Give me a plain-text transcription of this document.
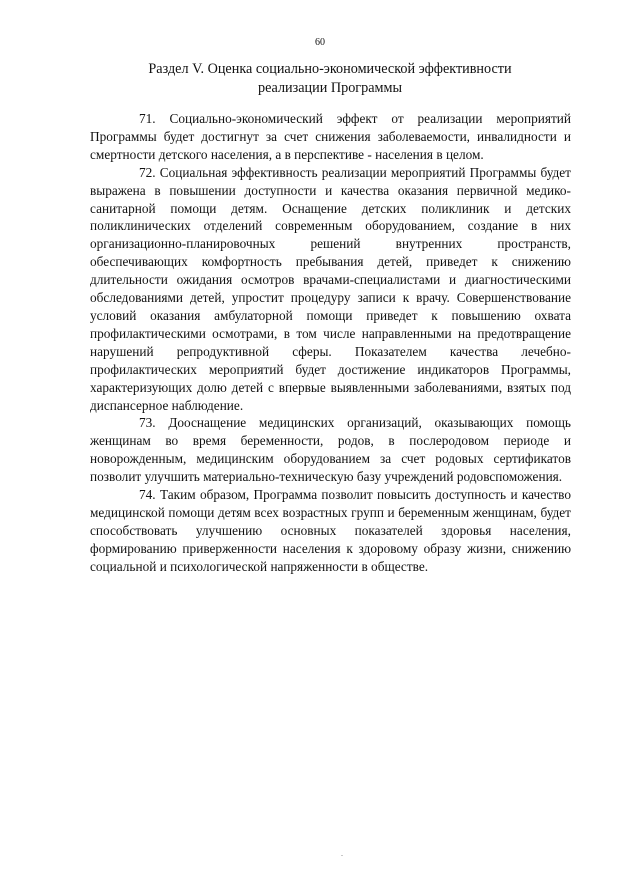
60
Раздел V. Оценка социально-экономической эффективности
реализации Программы

71. Социально-экономический эффект от реализации мероприятий Программы будет достигнут за счет снижения заболеваемости, инвалидности и смертности детского населения, а в перспективе - населения в целом.

72. Социальная эффективность реализации мероприятий Программы будет выражена в повышении доступности и качества оказания первичной медико-санитарной помощи детям. Оснащение детских поликлиник и детских поликлинических отделений современным оборудованием, создание в них организационно-планировочных решений внутренних пространств, обеспечивающих комфортность пребывания детей, приведет к снижению длительности ожидания осмотров врачами-специалистами и диагностическими обследованиями детей, упростит процедуру записи к врачу. Совершенствование условий оказания амбулаторной помощи приведет к повышению охвата профилактическими осмотрами, в том числе направленными на предотвращение нарушений репродуктивной сферы. Показателем качества лечебно-профилактических мероприятий будет достижение индикаторов Программы, характеризующих долю детей с впервые выявленными заболеваниями, взятых под диспансерное наблюдение.

73. Дооснащение медицинских организаций, оказывающих помощь женщинам во время беременности, родов, в послеродовом периоде и новорожденным, медицинским оборудованием за счет родовых сертификатов позволит улучшить материально-техническую базу учреждений родовспоможения.

74. Таким образом, Программа позволит повысить доступность и качество медицинской помощи детям всех возрастных групп и беременным женщинам, будет способствовать улучшению основных показателей здоровья населения, формированию приверженности населения к здоровому образу жизни, снижению социальной и психологической напряженности в обществе.
